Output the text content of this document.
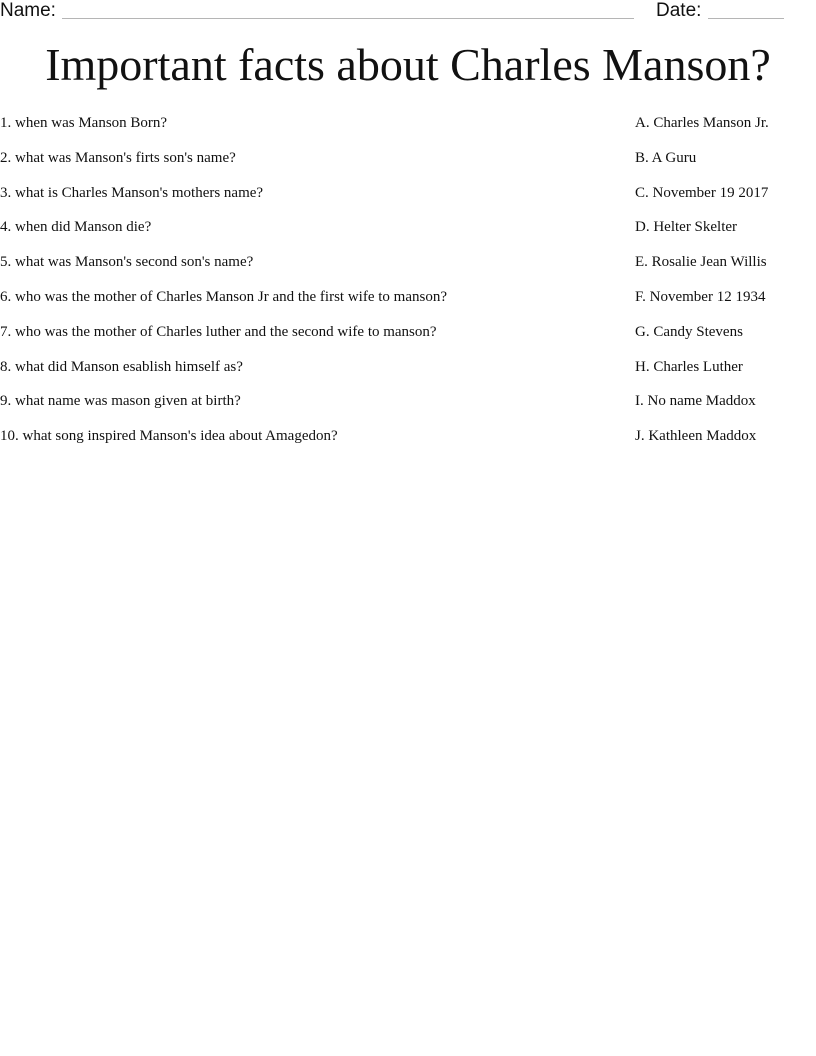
Name:	Date:
Important facts about Charles Manson?
1. when was Manson Born?
2. what was Manson's firts son's name?
3. what is Charles Manson's mothers name?
4. when did Manson die?
5. what was Manson's second son's name?
6. who was the mother of Charles Manson Jr and the first wife to manson?
7. who was the mother of Charles luther and the second wife to manson?
8. what did Manson esablish himself as?
9. what name was mason given at birth?
10. what song inspired Manson's idea about Amagedon?
A. Charles Manson Jr.
B. A Guru
C. November 19 2017
D. Helter Skelter
E. Rosalie Jean Willis
F. November 12 1934
G. Candy Stevens
H. Charles Luther
I. No name Maddox
J. Kathleen Maddox
